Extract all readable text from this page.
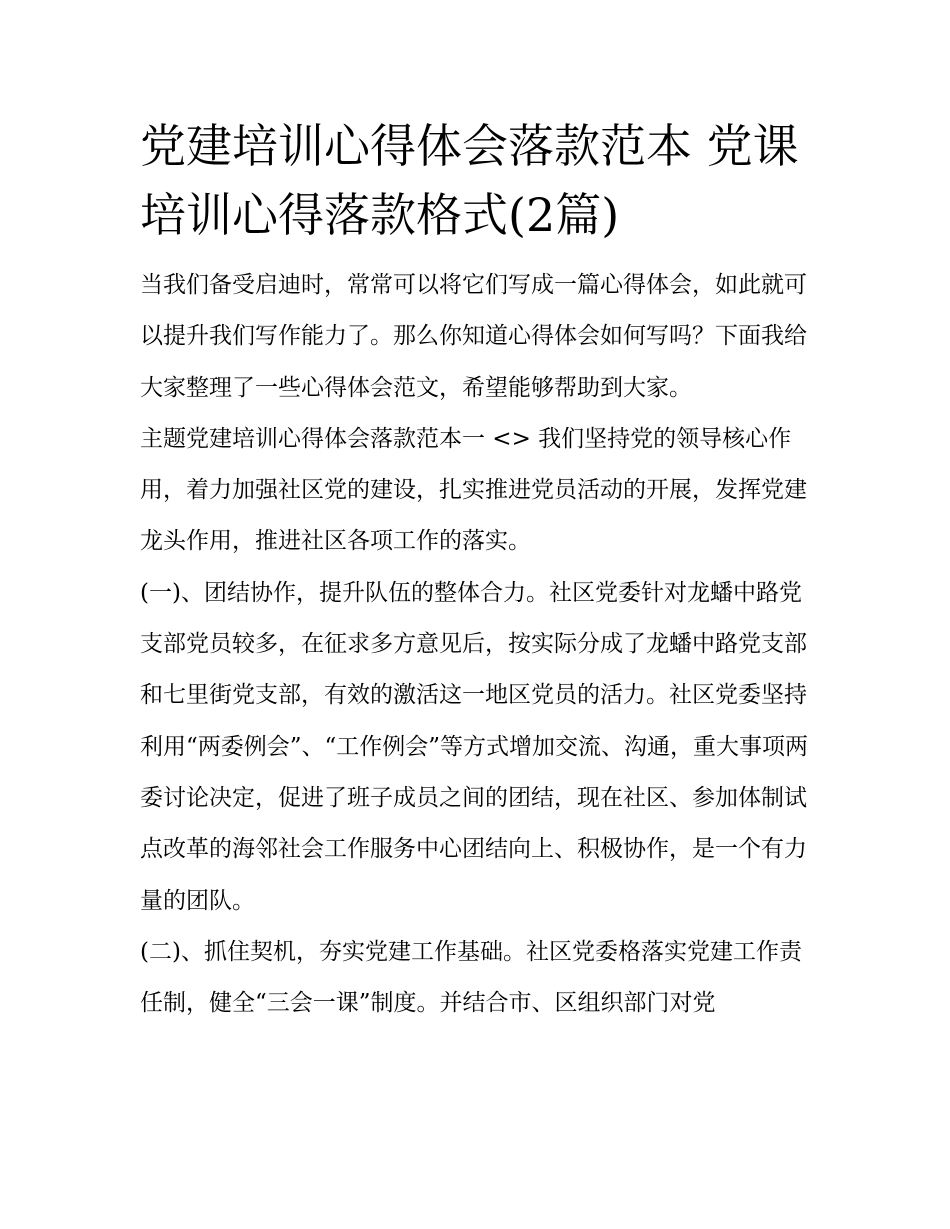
党建培训心得体会落款范本 党课培训心得落款格式(2篇)

当我们备受启迪时，常常可以将它们写成一篇心得体会，如此就可以提升我们写作能力了。那么你知道心得体会如何写吗？下面我给大家整理了一些心得体会范文，希望能够帮助到大家。

主题党建培训心得体会落款范本一 <> 我们坚持党的领导核心作用，着力加强社区党的建设，扎实推进党员活动的开展，发挥党建龙头作用，推进社区各项工作的落实。

(一)、团结协作，提升队伍的整体合力。社区党委针对龙蟠中路党支部党员较多，在征求多方意见后，按实际分成了龙蟠中路党支部和七里街党支部，有效的激活这一地区党员的活力。社区党委坚持利用“两委例会”、“工作例会”等方式增加交流、沟通，重大事项两委讨论决定，促进了班子成员之间的团结，现在社区、参加体制试点改革的海邻社会工作服务中心团结向上、积极协作，是一个有力量的团队。

(二)、抓住契机，夯实党建工作基础。社区党委格落实党建工作责任制，健全“三会一课”制度。并结合市、区组织部门对党
